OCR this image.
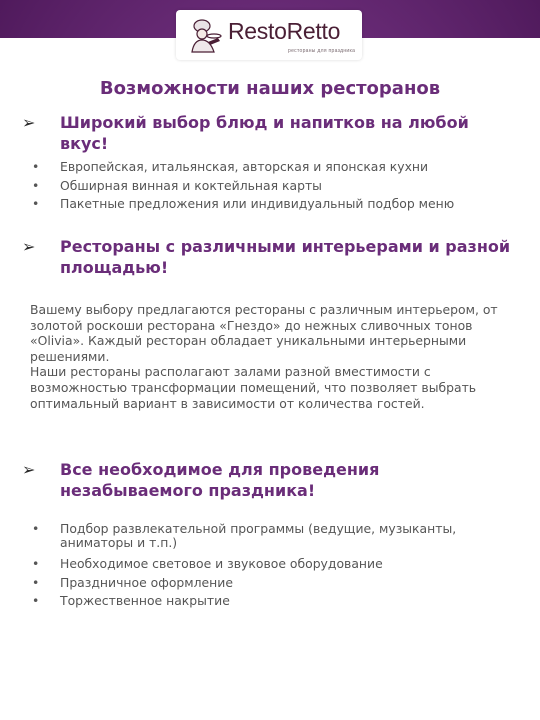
RestoRetto
рестораны для праздника
Возможности наших ресторанов
➢ Широкий выбор блюд и напитков на любой вкус!
• Европейская, итальянская, авторская и японская кухни
• Обширная винная и коктейльная карты
• Пакетные предложения или индивидуальный подбор меню
➢ Рестораны с различными интерьерами и разной площадью!

Вашему выбору предлагаются рестораны с различным интерьером, от золотой роскоши ресторана «Гнездо» до нежных сливочных тонов «Olivia». Каждый ресторан обладает уникальными интерьерными решениями.

Наши рестораны располагают залами разной вместимости с возможностью трансформации помещений, что позволяет выбрать оптимальный вариант в зависимости от количества гостей.

➢ Все необходимое для проведения незабываемого праздника!
• Подбор развлекательной программы (ведущие, музыканты, аниматоры и т.п.)
• Необходимое световое и звуковое оборудование
• Праздничное оформление
• Торжественное накрытие
